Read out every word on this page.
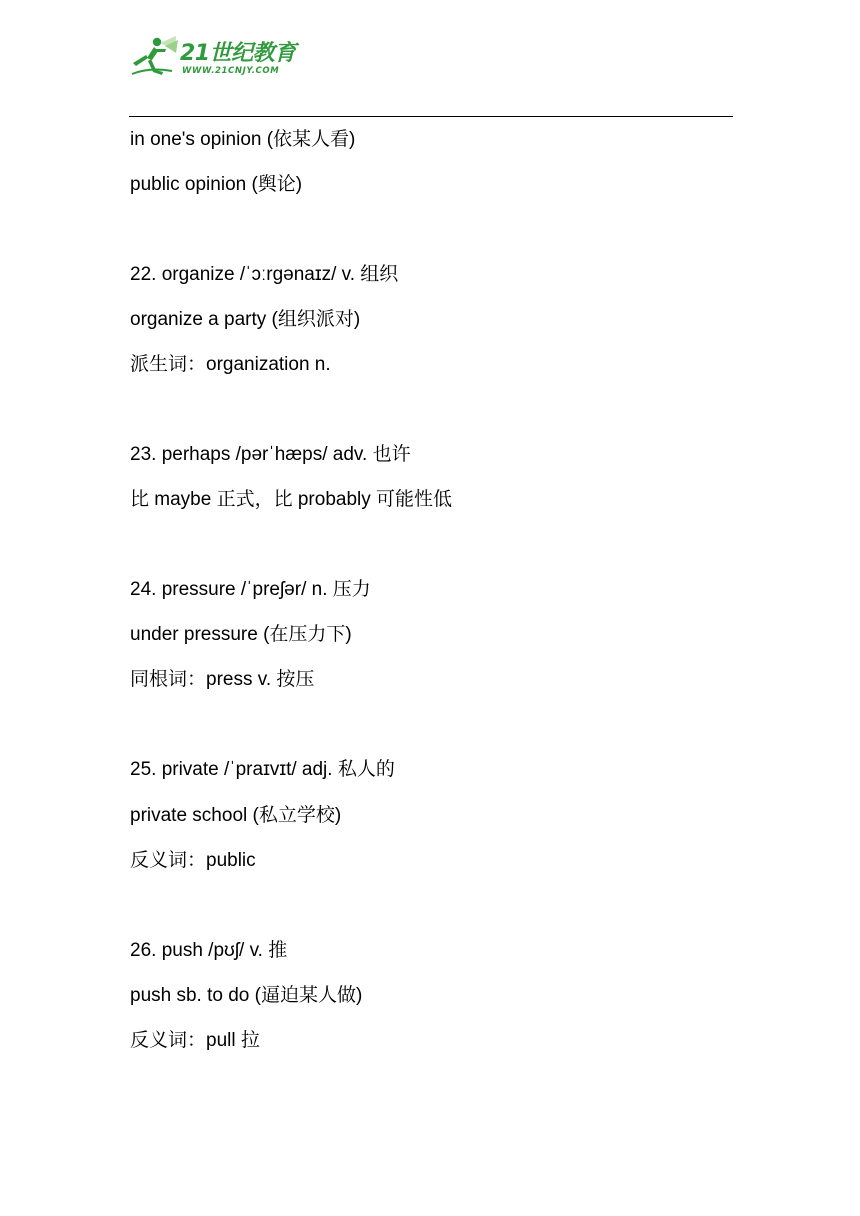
21世纪教育
WWW.21CNJY.COM
in one's opinion (依某人看)
public opinion (舆论)
22. organize /ˈɔːrɡənaɪz/ v. 组织
organize a party (组织派对)
派生词：organization n.
23. perhaps /pərˈhæps/ adv. 也许
比 maybe 正式，比 probably 可能性低
24. pressure /ˈpreʃər/ n. 压力
under pressure (在压力下)
同根词：press v. 按压
25. private /ˈpraɪvɪt/ adj. 私人的
private school (私立学校)
反义词：public
26. push /pʊʃ/ v. 推
push sb. to do (逼迫某人做)
反义词：pull 拉
